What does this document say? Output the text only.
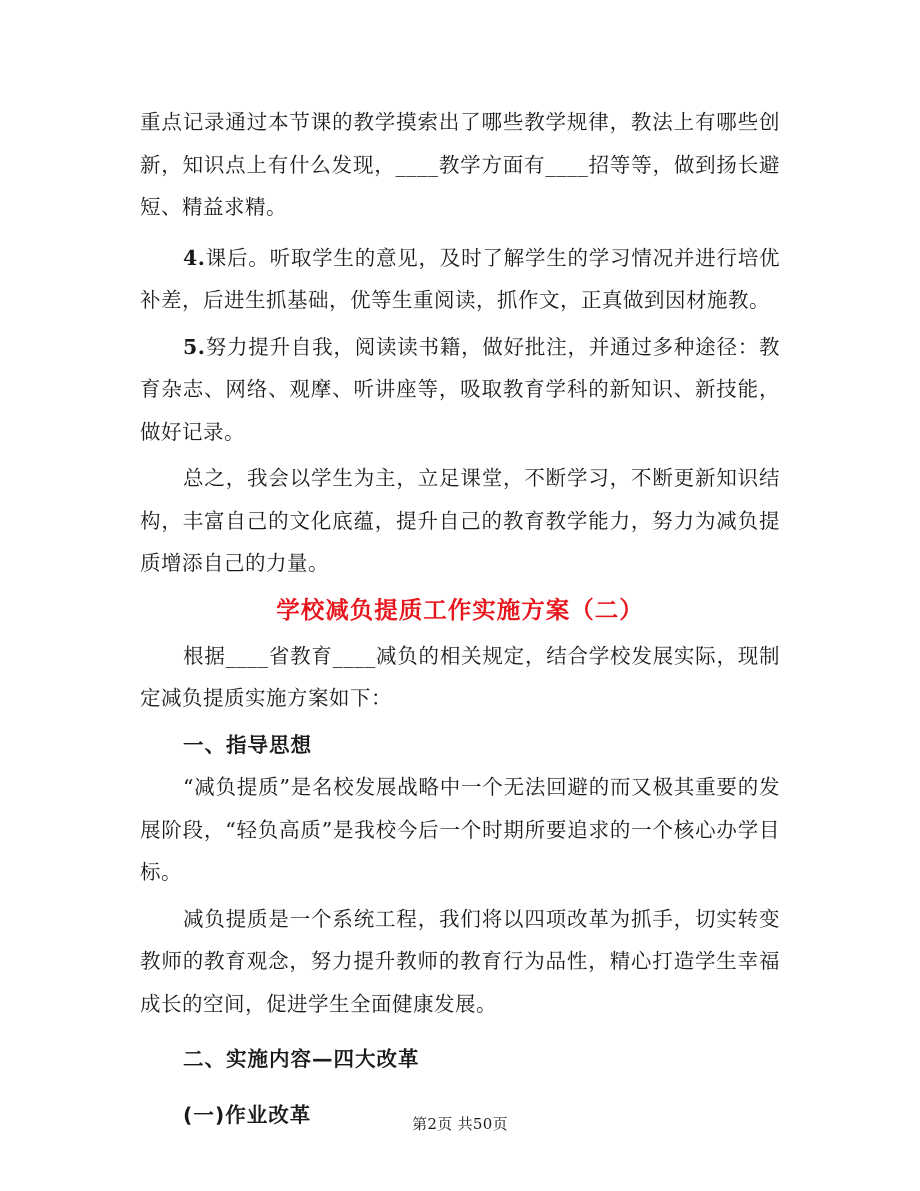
重点记录通过本节课的教学摸索出了哪些教学规律，教法上有哪些创新，知识点上有什么发现，____教学方面有____招等等，做到扬长避短、精益求精。

4.课后。听取学生的意见，及时了解学生的学习情况并进行培优补差，后进生抓基础，优等生重阅读，抓作文，正真做到因材施教。

5.努力提升自我，阅读读书籍，做好批注，并通过多种途径：教育杂志、网络、观摩、听讲座等，吸取教育学科的新知识、新技能，做好记录。

总之，我会以学生为主，立足课堂，不断学习，不断更新知识结构，丰富自己的文化底蕴，提升自己的教育教学能力，努力为减负提质增添自己的力量。

学校减负提质工作实施方案（二）

根据____省教育____减负的相关规定，结合学校发展实际，现制定减负提质实施方案如下：

一、指导思想

“减负提质”是名校发展战略中一个无法回避的而又极其重要的发展阶段，“轻负高质”是我校今后一个时期所要追求的一个核心办学目标。

减负提质是一个系统工程，我们将以四项改革为抓手，切实转变教师的教育观念，努力提升教师的教育行为品性，精心打造学生幸福成长的空间，促进学生全面健康发展。

二、实施内容—四大改革

(一)作业改革	第2页 共50页
